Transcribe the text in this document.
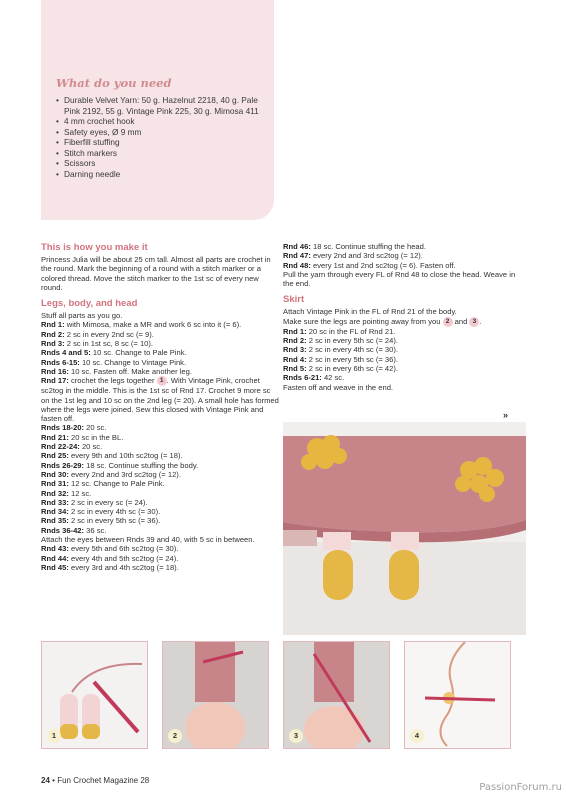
What do you need
• Durable Velvet Yarn: 50 g. Hazelnut 2218, 40 g. Pale Pink 2192, 55 g. Vintage Pink 225, 30 g. Mimosa 411
• 4 mm crochet hook
• Safety eyes, Ø 9 mm
• Fiberfill stuffing
• Stitch markers
• Scissors
• Darning needle
This is how you make it

Princess Julia will be about 25 cm tall. Almost all parts are crochet in the round. Mark the beginning of a round with a stitch marker or a colored thread. Move the stitch marker to the 1st sc of every new round.

Legs, body, and head
Stuff all parts as you go.
Rnd 1: with Mimosa, make a MR and work 6 sc into it (= 6).
Rnd 2: 2 sc in every 2nd sc (= 9).
Rnd 3: 2 sc in 1st sc, 8 sc (= 10).
Rnds 4 and 5: 10 sc. Change to Pale Pink.
Rnds 6-15: 10 sc. Change to Vintage Pink.
Rnd 16: 10 sc. Fasten off. Make another leg.
Rnd 17: crochet the legs together 1 . With Vintage Pink, crochet sc2tog in the middle. This is the 1st sc of Rnd 17. Crochet 9 more sc on the 1st leg and 10 sc on the 2nd leg (= 20). A small hole has formed where the legs were joined. Sew this closed with Vintage Pink and fasten off.
Rnds 18-20: 20 sc.
Rnd 21: 20 sc in the BL.
Rnd 22-24: 20 sc.
Rnd 25: every 9th and 10th sc2tog (= 18).
Rnds 26-29: 18 sc. Continue stuffing the body.
Rnd 30: every 2nd and 3rd sc2tog (= 12).
Rnd 31: 12 sc. Change to Pale Pink.
Rnd 32: 12 sc.
Rnd 33: 2 sc in every sc (= 24).
Rnd 34: 2 sc in every 4th sc (= 30).
Rnd 35: 2 sc in every 5th sc (= 36).
Rnds 36-42: 36 sc.
Attach the eyes between Rnds 39 and 40, with 5 sc in between.
Rnd 43: every 5th and 6th sc2tog (= 30).
Rnd 44: every 4th and 5th sc2tog (= 24).
Rnd 45: every 3rd and 4th sc2tog (= 18).
Rnd 46: 18 sc. Continue stuffing the head.
Rnd 47: every 2nd and 3rd sc2tog (= 12).
Rnd 48: every 1st and 2nd sc2tog (= 6). Fasten off.
Pull the yarn through every FL of Rnd 48 to close the head. Weave in the end.
Skirt
Attach Vintage Pink in the FL of Rnd 21 of the body.
Make sure the legs are pointing away from you 2 and 3 .
Rnd 1: 20 sc in the FL of Rnd 21.
Rnd 2: 2 sc in every 5th sc (= 24).
Rnd 3: 2 sc in every 4th sc (= 30).
Rnd 4: 2 sc in every 5th sc (= 36).
Rnd 5: 2 sc in every 6th sc (= 42).
Rnds 6-21: 42 sc.
Fasten off and weave in the end.
»
1	2	3	4
24 • Fun Crochet Magazine 28
PassionForum.ru
